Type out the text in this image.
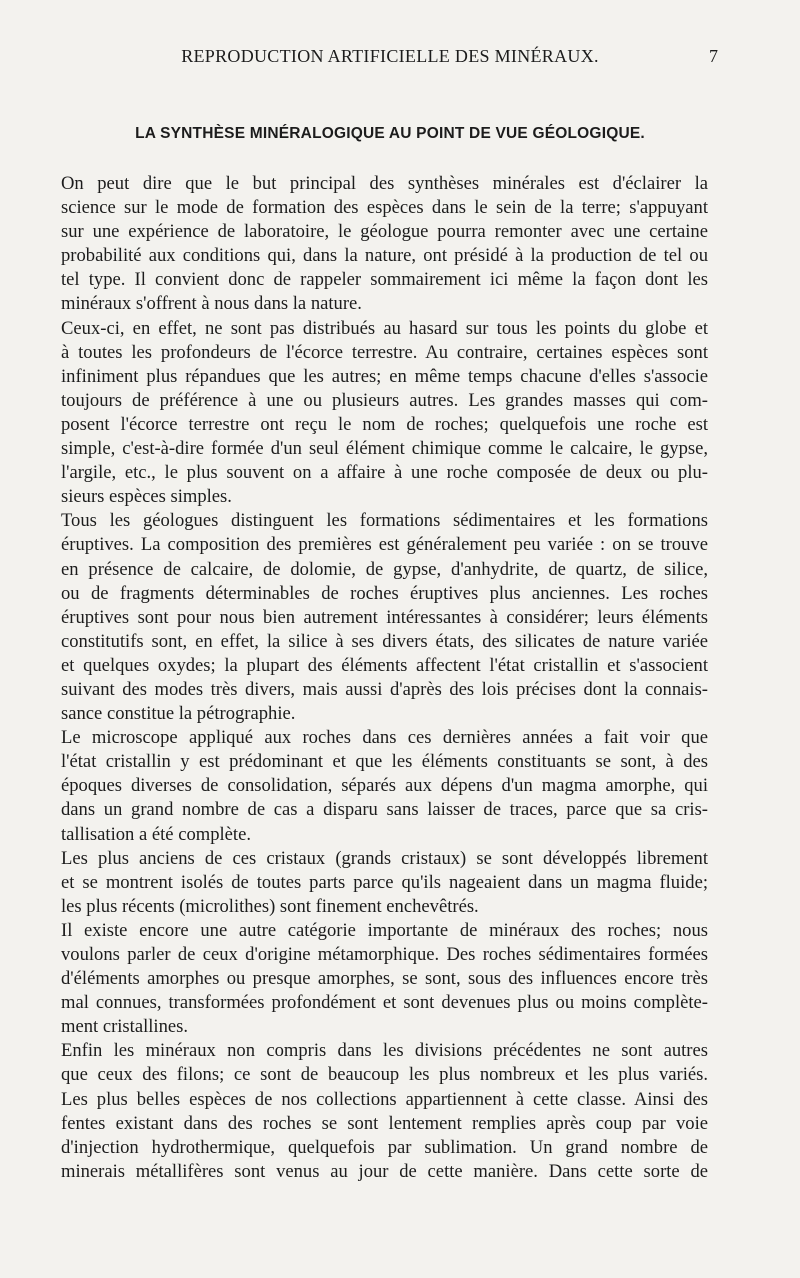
REPRODUCTION ARTIFICIELLE DES MINÉRAUX.	7
LA SYNTHÈSE MINÉRALOGIQUE AU POINT DE VUE GÉOLOGIQUE.
On peut dire que le but principal des synthèses minérales est d'éclairer la
science sur le mode de formation des espèces dans le sein de la terre; s'appuyant
sur une expérience de laboratoire, le géologue pourra remonter avec une certaine
probabilité aux conditions qui, dans la nature, ont présidé à la production de tel ou
tel type. Il convient donc de rappeler sommairement ici même la façon dont les
minéraux s'offrent à nous dans la nature.
Ceux-ci, en effet, ne sont pas distribués au hasard sur tous les points du globe et
à toutes les profondeurs de l'écorce terrestre. Au contraire, certaines espèces sont
infiniment plus répandues que les autres; en même temps chacune d'elles s'associe
toujours de préférence à une ou plusieurs autres. Les grandes masses qui com-
posent l'écorce terrestre ont reçu le nom de roches; quelquefois une roche est
simple, c'est-à-dire formée d'un seul élément chimique comme le calcaire, le gypse,
l'argile, etc., le plus souvent on a affaire à une roche composée de deux ou plu-
sieurs espèces simples.
Tous les géologues distinguent les formations sédimentaires et les formations
éruptives. La composition des premières est généralement peu variée : on se trouve
en présence de calcaire, de dolomie, de gypse, d'anhydrite, de quartz, de silice,
ou de fragments déterminables de roches éruptives plus anciennes. Les roches
éruptives sont pour nous bien autrement intéressantes à considérer; leurs éléments
constitutifs sont, en effet, la silice à ses divers états, des silicates de nature variée
et quelques oxydes; la plupart des éléments affectent l'état cristallin et s'associent
suivant des modes très divers, mais aussi d'après des lois précises dont la connais-
sance constitue la pétrographie.
Le microscope appliqué aux roches dans ces dernières années a fait voir que
l'état cristallin y est prédominant et que les éléments constituants se sont, à des
époques diverses de consolidation, séparés aux dépens d'un magma amorphe, qui
dans un grand nombre de cas a disparu sans laisser de traces, parce que sa cris-
tallisation a été complète.
Les plus anciens de ces cristaux (grands cristaux) se sont développés librement
et se montrent isolés de toutes parts parce qu'ils nageaient dans un magma fluide;
les plus récents (microlithes) sont finement enchevêtrés.
Il existe encore une autre catégorie importante de minéraux des roches; nous
voulons parler de ceux d'origine métamorphique. Des roches sédimentaires formées
d'éléments amorphes ou presque amorphes, se sont, sous des influences encore très
mal connues, transformées profondément et sont devenues plus ou moins complète-
ment cristallines.
Enfin les minéraux non compris dans les divisions précédentes ne sont autres
que ceux des filons; ce sont de beaucoup les plus nombreux et les plus variés.
Les plus belles espèces de nos collections appartiennent à cette classe. Ainsi des
fentes existant dans des roches se sont lentement remplies après coup par voie
d'injection hydrothermique, quelquefois par sublimation. Un grand nombre de
minerais métallifères sont venus au jour de cette manière. Dans cette sorte de
